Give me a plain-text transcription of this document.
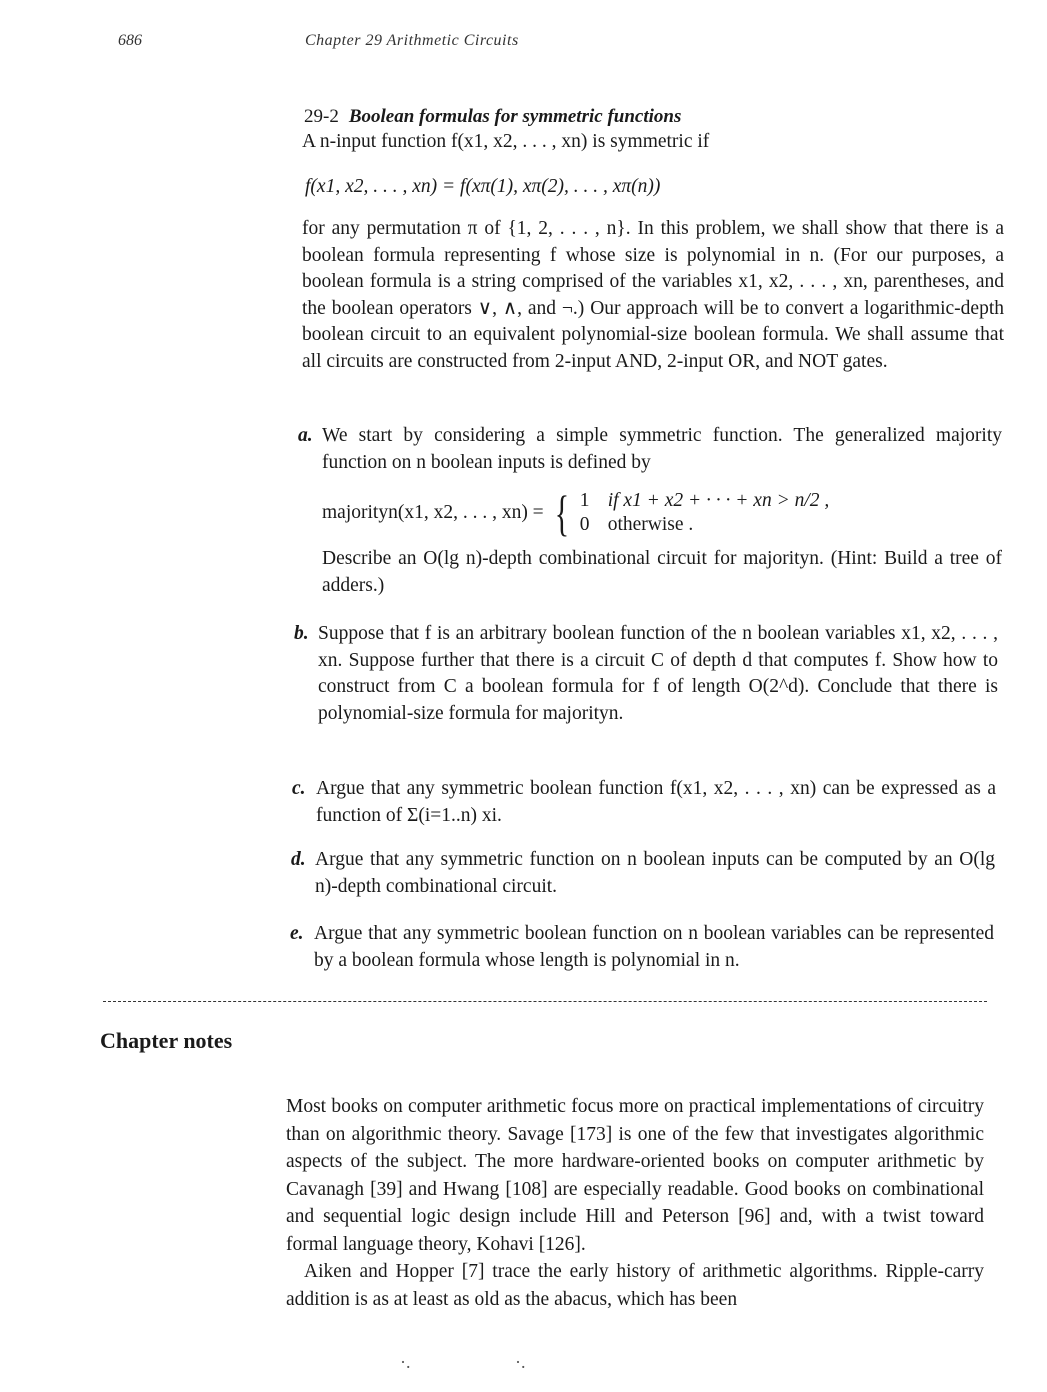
686	Chapter 29 Arithmetic Circuits
29-2 Boolean formulas for symmetric functions
A n-input function f(x1, x2, . . . , xn) is symmetric if
f(x1, x2, . . . , xn) = f(xπ(1), xπ(2), . . . , xπ(n))
for any permutation π of {1, 2, . . . , n}. In this problem, we shall show that there is a boolean formula representing f whose size is polynomial in n. (For our purposes, a boolean formula is a string comprised of the variables x1, x2, . . . , xn, parentheses, and the boolean operators ∨, ∧, and ¬.) Our approach will be to convert a logarithmic-depth boolean circuit to an equivalent polynomial-size boolean formula. We shall assume that all circuits are constructed from 2-input AND, 2-input OR, and NOT gates.
a. We start by considering a simple symmetric function. The generalized majority function on n boolean inputs is defined by

majorityn(x1, x2, . . . , xn) = { 1 if x1 + x2 + · · · + xn > n/2 ,
0 otherwise .

Describe an O(lg n)-depth combinational circuit for majorityn. (Hint: Build a tree of adders.)

b. Suppose that f is an arbitrary boolean function of the n boolean variables x1, x2, . . . , xn. Suppose further that there is a circuit C of depth d that computes f. Show how to construct from C a boolean formula for f of length O(2^d). Conclude that there is polynomial-size formula for majorityn.

c. Argue that any symmetric boolean function f(x1, x2, . . . , xn) can be expressed as a function of Σ(i=1..n) xi.

d. Argue that any symmetric function on n boolean inputs can be computed by an O(lg n)-depth combinational circuit.

e. Argue that any symmetric boolean function on n boolean variables can be represented by a boolean formula whose length is polynomial in n.

Chapter notes

Most books on computer arithmetic focus more on practical implementations of circuitry than on algorithmic theory. Savage [173] is one of the few that investigates algorithmic aspects of the subject. The more hardware-oriented books on computer arithmetic by Cavanagh [39] and Hwang [108] are especially readable. Good books on combinational and sequential logic design include Hill and Peterson [96] and, with a twist toward formal language theory, Kohavi [126].

Aiken and Hopper [7] trace the early history of arithmetic algorithms. Ripple-carry addition is as at least as old as the abacus, which has been

·. ·.
